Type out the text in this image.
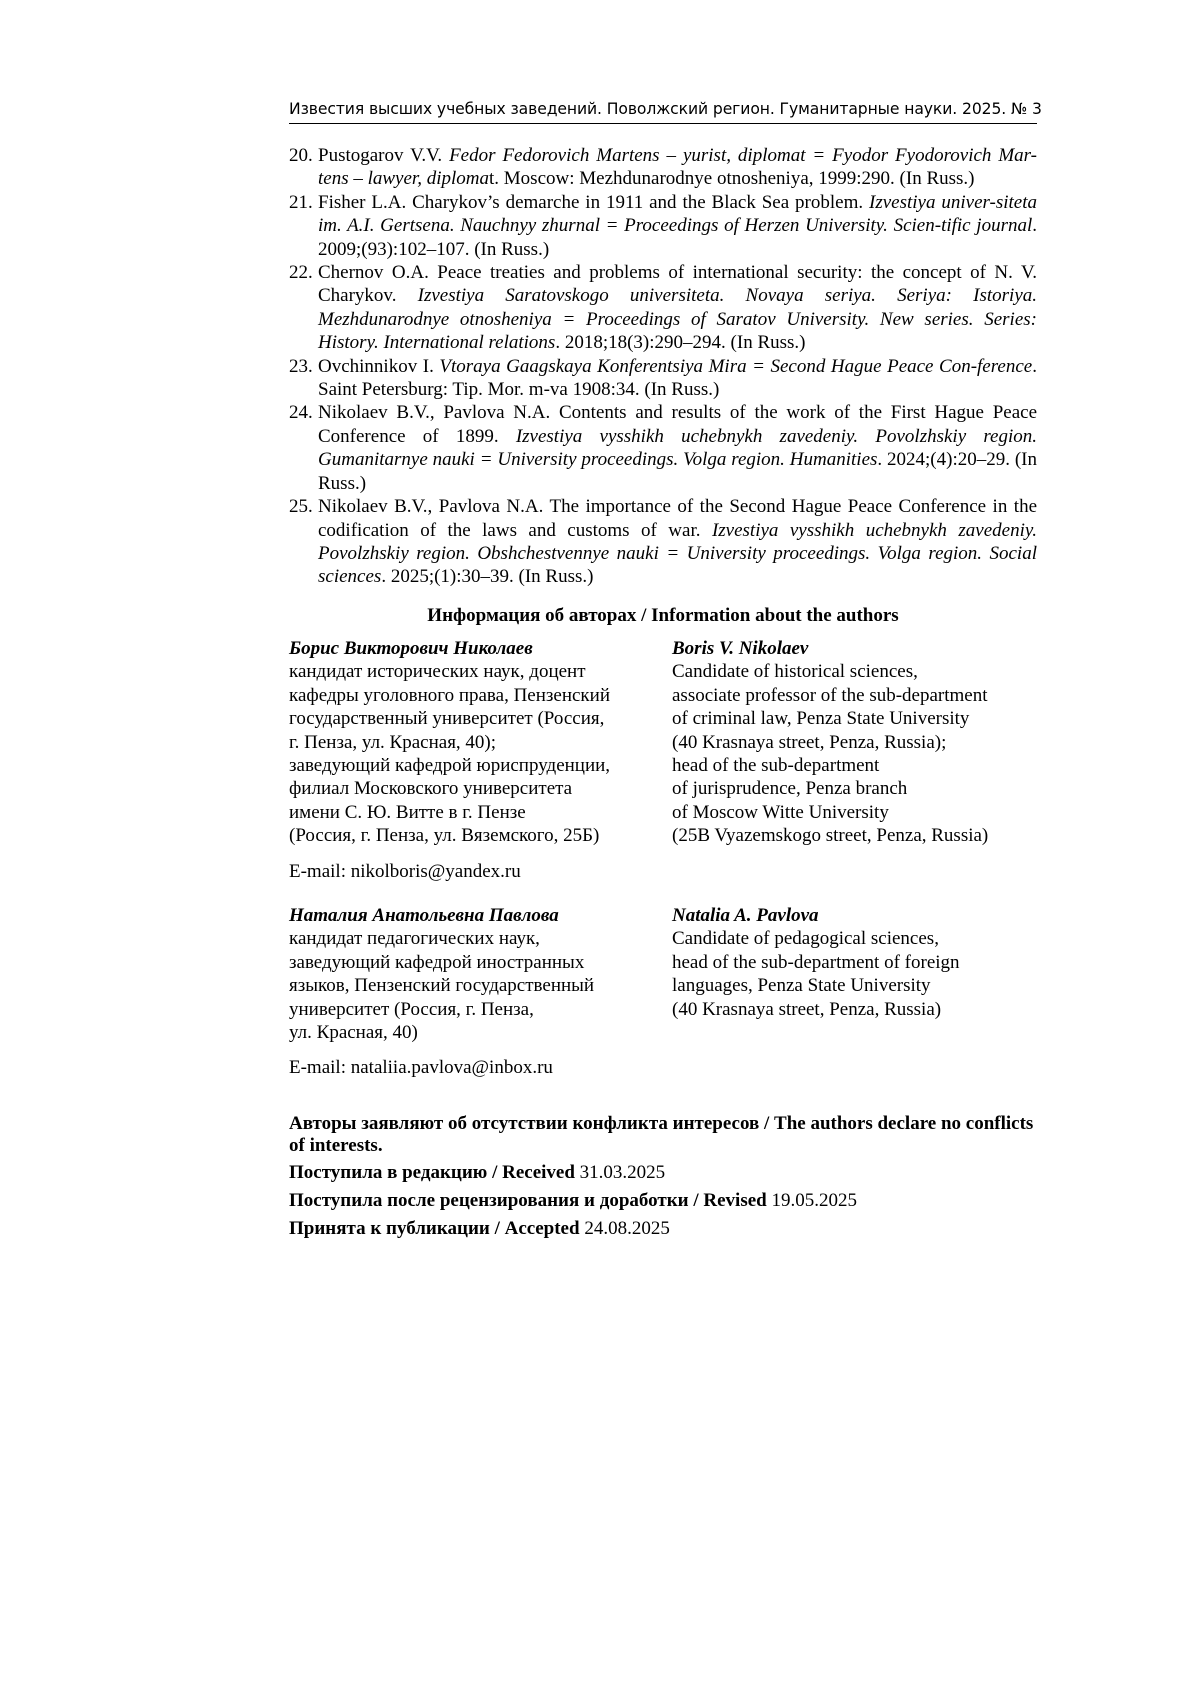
Известия высших учебных заведений. Поволжский регион. Гуманитарные науки. 2025. № 3
20. Pustogarov V.V. Fedor Fedorovich Martens – yurist, diplomat = Fyodor Fyodorovich Mar-tens – lawyer, diplomat. Moscow: Mezhdunarodnye otnosheniya, 1999:290. (In Russ.)
21. Fisher L.A. Charykov’s demarche in 1911 and the Black Sea problem. Izvestiya univer-siteta im. A.I. Gertsena. Nauchnyy zhurnal = Proceedings of Herzen University. Scien-tific journal. 2009;(93):102–107. (In Russ.)
22. Chernov O.A. Peace treaties and problems of international security: the concept of N. V. Charykov. Izvestiya Saratovskogo universiteta. Novaya seriya. Seriya: Istoriya. Mezhdunarodnye otnosheniya = Proceedings of Saratov University. New series. Series: History. International relations. 2018;18(3):290–294. (In Russ.)
23. Ovchinnikov I. Vtoraya Gaagskaya Konferentsiya Mira = Second Hague Peace Con-ference. Saint Petersburg: Tip. Mor. m-va 1908:34. (In Russ.)
24. Nikolaev B.V., Pavlova N.A. Contents and results of the work of the First Hague Peace Conference of 1899. Izvestiya vysshikh uchebnykh zavedeniy. Povolzhskiy region. Gumanitarnye nauki = University proceedings. Volga region. Humanities. 2024;(4):20–29. (In Russ.)
25. Nikolaev B.V., Pavlova N.A. The importance of the Second Hague Peace Conference in the codification of the laws and customs of war. Izvestiya vysshikh uchebnykh zavedeniy. Povolzhskiy region. Obshchestvennye nauki = University proceedings. Volga region. Social sciences. 2025;(1):30–39. (In Russ.)
Информация об авторах / Information about the authors
Борис Викторович Николаев
кандидат исторических наук, доцент
кафедры уголовного права, Пензенский
государственный университет (Россия,
г. Пенза, ул. Красная, 40);
заведующий кафедрой юриспруденции,
филиал Московского университета
имени С. Ю. Витте в г. Пензе
(Россия, г. Пенза, ул. Вяземского, 25Б)
Boris V. Nikolaev
Candidate of historical sciences,
associate professor of the sub-department
of criminal law, Penza State University
(40 Krasnaya street, Penza, Russia);
head of the sub-department
of jurisprudence, Penza branch
of Moscow Witte University
(25B Vyazemskogo street, Penza, Russia)
E-mail: nikolboris@yandex.ru
Наталия Анатольевна Павлова
кандидат педагогических наук,
заведующий кафедрой иностранных
языков, Пензенский государственный
университет (Россия, г. Пенза,
ул. Красная, 40)
Natalia A. Pavlova
Candidate of pedagogical sciences,
head of the sub-department of foreign
languages, Penza State University
(40 Krasnaya street, Penza, Russia)
E-mail: nataliia.pavlova@inbox.ru
Авторы заявляют об отсутствии конфликта интересов / The authors declare no conflicts of interests.
Поступила в редакцию / Received 31.03.2025
Поступила после рецензирования и доработки / Revised 19.05.2025
Принята к публикации / Accepted 24.08.2025
